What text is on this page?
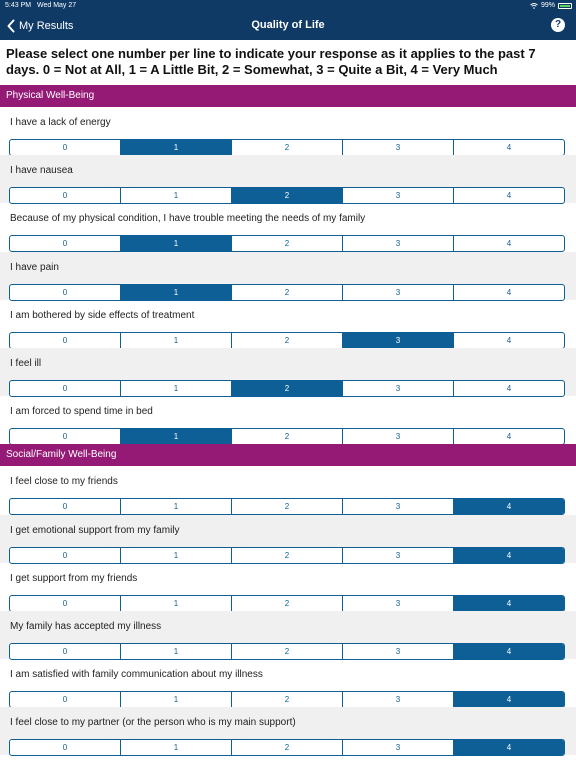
5:43 PM Wed May 27	99%
My Results	Quality of Life	?
Please select one number per line to indicate your response as it applies to the past 7 days. 0 = Not at All, 1 = A Little Bit, 2 = Somewhat, 3 = Quite a Bit, 4 = Very Much
Physical Well-Being
I have a lack of energy
0	1	2	3	4
I have nausea
0	1	2	3	4
Because of my physical condition, I have trouble meeting the needs of my family
0	1	2	3	4
I have pain
0	1	2	3	4
I am bothered by side effects of treatment
0	1	2	3	4
I feel ill
0	1	2	3	4
I am forced to spend time in bed
0	1	2	3	4
Social/Family Well-Being
I feel close to my friends
0	1	2	3	4
I get emotional support from my family
0	1	2	3	4
I get support from my friends
0	1	2	3	4
My family has accepted my illness
0	1	2	3	4
I am satisfied with family communication about my illness
0	1	2	3	4
I feel close to my partner (or the person who is my main support)
0	1	2	3	4
